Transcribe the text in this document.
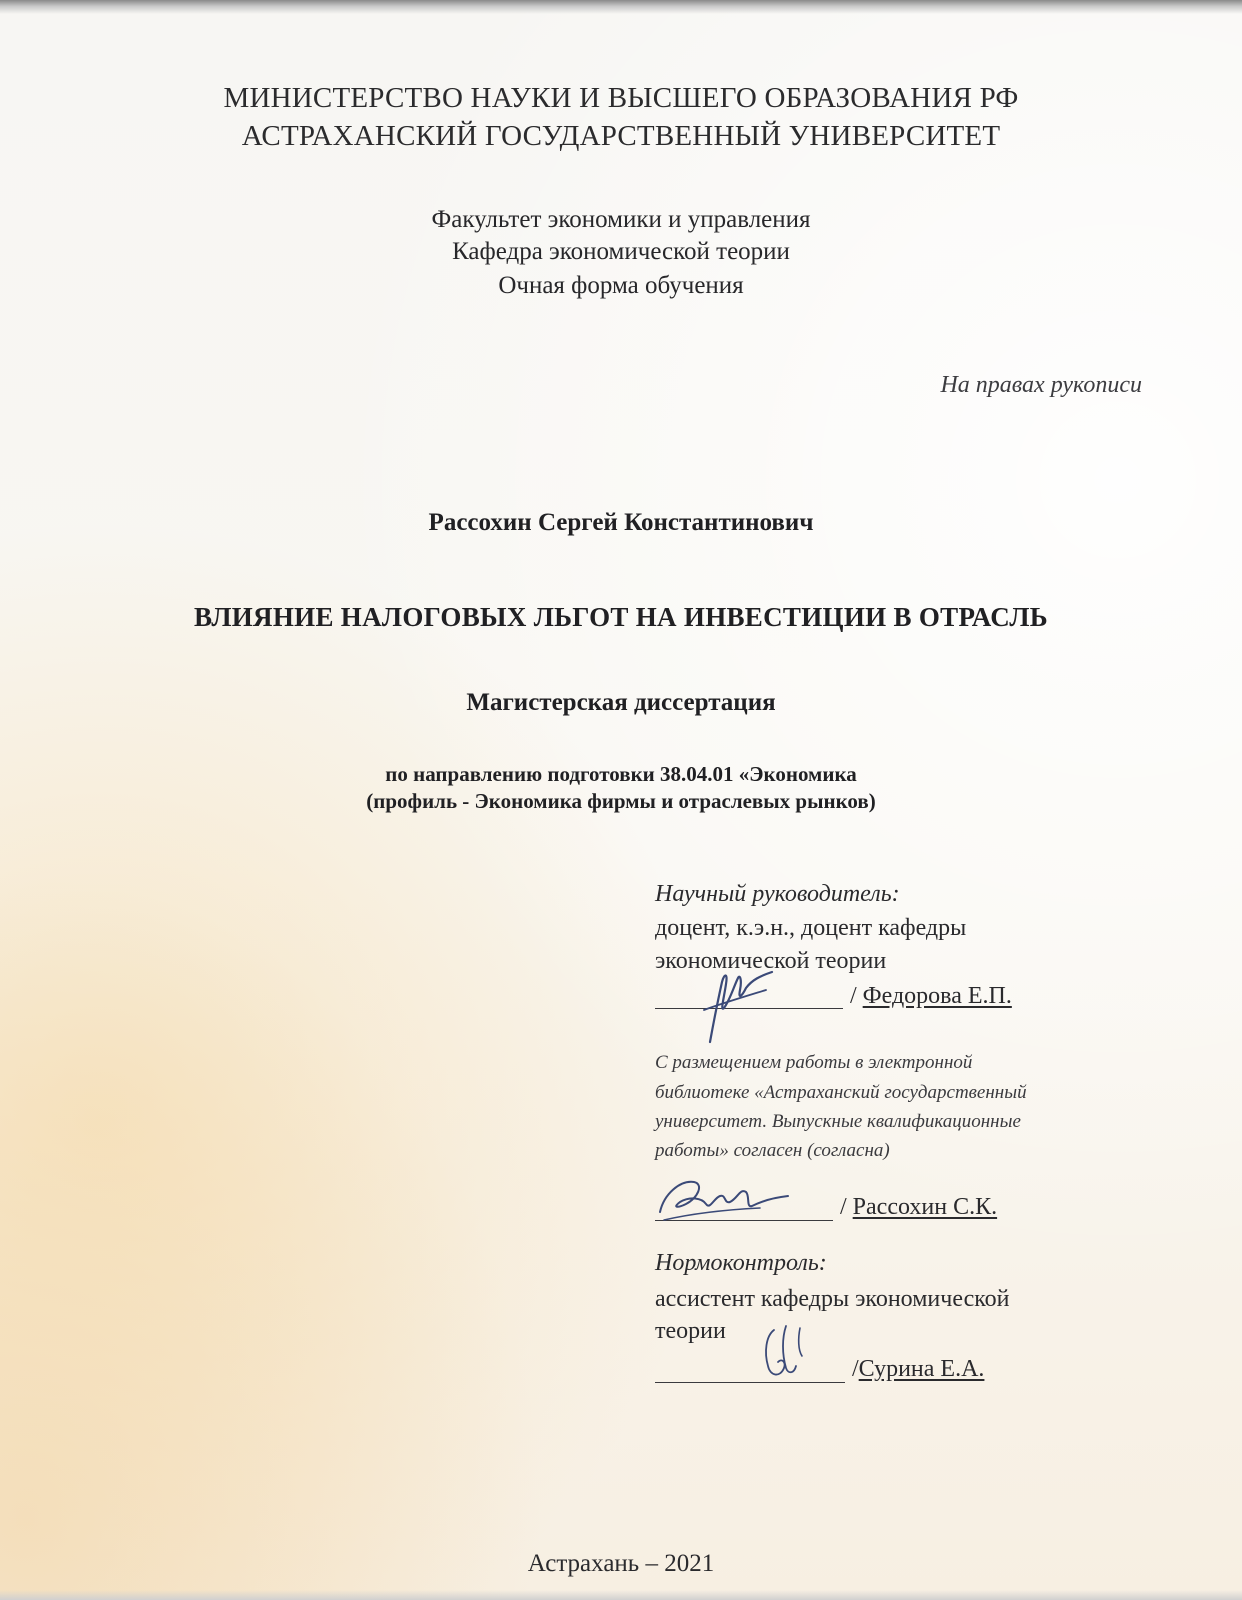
МИНИСТЕРСТВО НАУКИ И ВЫСШЕГО ОБРАЗОВАНИЯ РФ
АСТРАХАНСКИЙ ГОСУДАРСТВЕННЫЙ УНИВЕРСИТЕТ
Факультет экономики и управления
Кафедра экономической теории
Очная форма обучения
На правах рукописи
Рассохин Сергей Константинович
ВЛИЯНИЕ НАЛОГОВЫХ ЛЬГОТ НА ИНВЕСТИЦИИ В ОТРАСЛЬ
Магистерская диссертация
по направлению подготовки 38.04.01 «Экономика
(профиль - Экономика фирмы и отраслевых рынков)
Научный руководитель:
доцент, к.э.н., доцент кафедры
экономической теории
/ Федорова Е.П.
С размещением работы в электронной
библиотеке «Астраханский государственный
университет. Выпускные квалификационные
работы» согласен (согласна)
/ Рассохин С.К.
Нормоконтроль:
ассистент кафедры экономической
теории
/Сурина Е.А.
Астрахань – 2021
